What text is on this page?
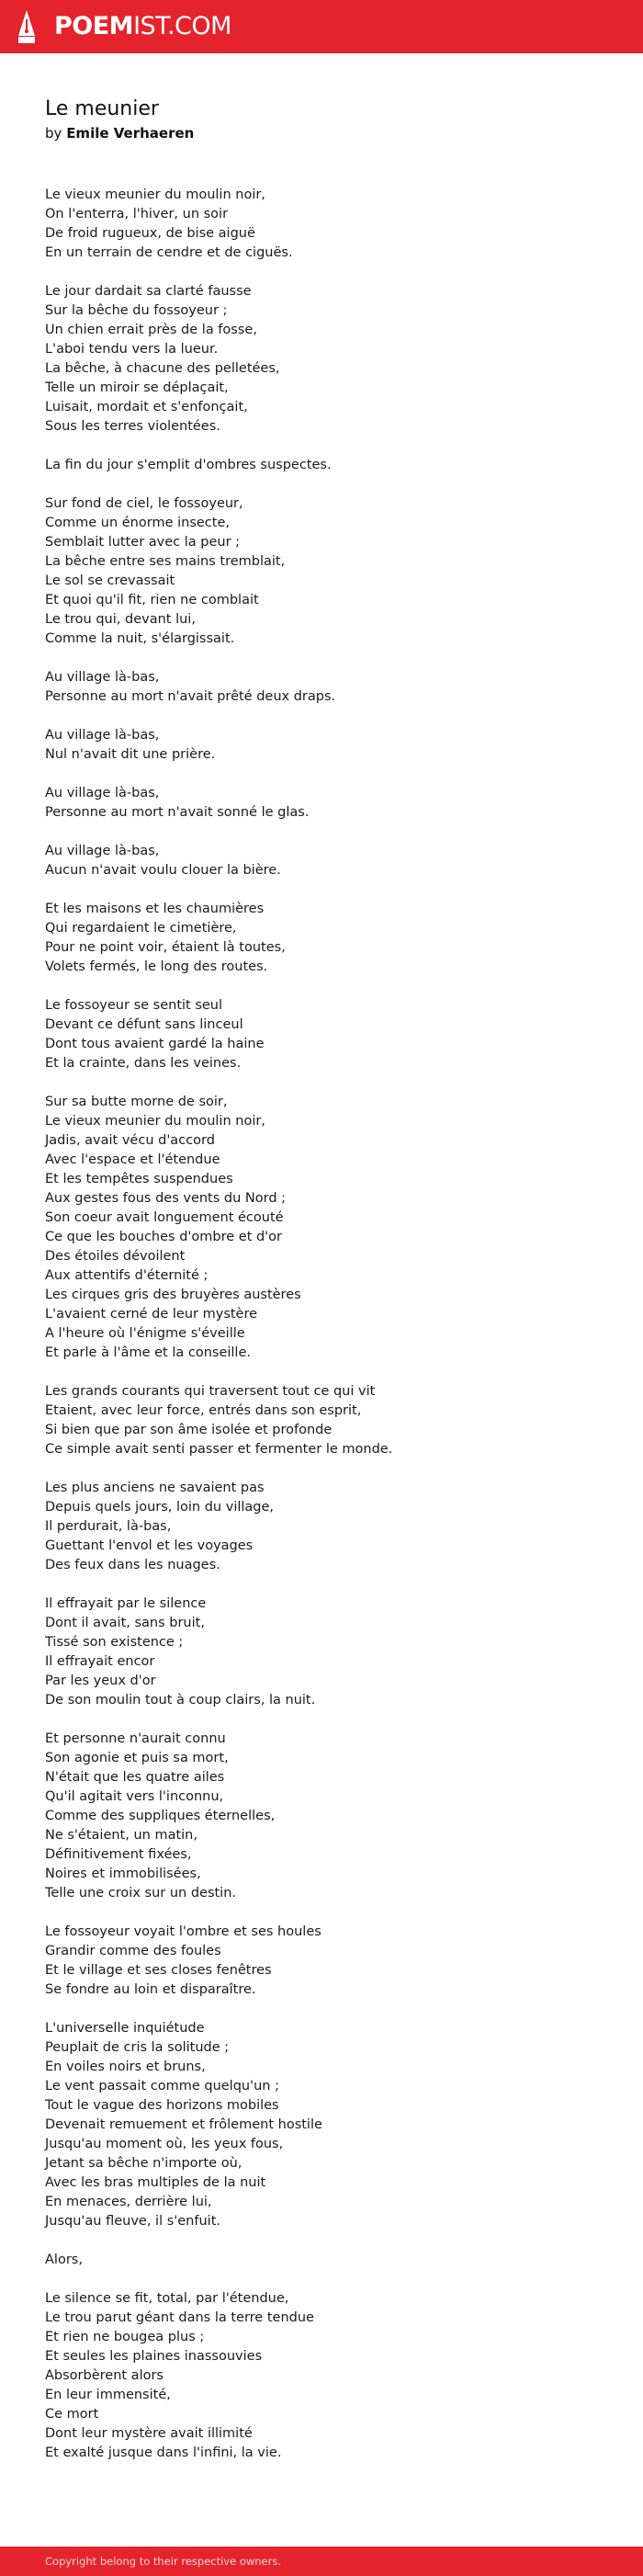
POEMIST.COM
Le meunier
by Emile Verhaeren
Le vieux meunier du moulin noir,
On l'enterra, l'hiver, un soir
De froid rugueux, de bise aiguë
En un terrain de cendre et de ciguës.
Le jour dardait sa clarté fausse
Sur la bêche du fossoyeur ;
Un chien errait près de la fosse,
L'aboi tendu vers la lueur.
La bêche, à chacune des pelletées,
Telle un miroir se déplaçait,
Luisait, mordait et s'enfonçait,
Sous les terres violentées.
La fin du jour s'emplit d'ombres suspectes.
Sur fond de ciel, le fossoyeur,
Comme un énorme insecte,
Semblait lutter avec la peur ;
La bêche entre ses mains tremblait,
Le sol se crevassait
Et quoi qu'il fit, rien ne comblait
Le trou qui, devant lui,
Comme la nuit, s'élargissait.
Au village là-bas,
Personne au mort n'avait prêté deux draps.
Au village là-bas,
Nul n'avait dit une prière.
Au village là-bas,
Personne au mort n'avait sonné le glas.
Au village là-bas,
Aucun n'avait voulu clouer la bière.
Et les maisons et les chaumières
Qui regardaient le cimetière,
Pour ne point voir, étaient là toutes,
Volets fermés, le long des routes.
Le fossoyeur se sentit seul
Devant ce défunt sans linceul
Dont tous avaient gardé la haine
Et la crainte, dans les veines.
Sur sa butte morne de soir,
Le vieux meunier du moulin noir,
Jadis, avait vécu d'accord
Avec l'espace et l'étendue
Et les tempêtes suspendues
Aux gestes fous des vents du Nord ;
Son coeur avait longuement écouté
Ce que les bouches d'ombre et d'or
Des étoiles dévoilent
Aux attentifs d'éternité ;
Les cirques gris des bruyères austères
L'avaient cerné de leur mystère
A l'heure où l'énigme s'éveille
Et parle à l'âme et la conseille.
Les grands courants qui traversent tout ce qui vit
Etaient, avec leur force, entrés dans son esprit,
Si bien que par son âme isolée et profonde
Ce simple avait senti passer et fermenter le monde.
Les plus anciens ne savaient pas
Depuis quels jours, loin du village,
Il perdurait, là-bas,
Guettant l'envol et les voyages
Des feux dans les nuages.
Il effrayait par le silence
Dont il avait, sans bruit,
Tissé son existence ;
Il effrayait encor
Par les yeux d'or
De son moulin tout à coup clairs, la nuit.
Et personne n'aurait connu
Son agonie et puis sa mort,
N'était que les quatre ailes
Qu'il agitait vers l'inconnu,
Comme des suppliques éternelles,
Ne s'étaient, un matin,
Définitivement fixées,
Noires et immobilisées,
Telle une croix sur un destin.
Le fossoyeur voyait l'ombre et ses houles
Grandir comme des foules
Et le village et ses closes fenêtres
Se fondre au loin et disparaître.
L'universelle inquiétude
Peuplait de cris la solitude ;
En voiles noirs et bruns,
Le vent passait comme quelqu'un ;
Tout le vague des horizons mobiles
Devenait remuement et frôlement hostile
Jusqu'au moment où, les yeux fous,
Jetant sa bêche n'importe où,
Avec les bras multiples de la nuit
En menaces, derrière lui,
Jusqu'au fleuve, il s'enfuit.
Alors,
Le silence se fit, total, par l'étendue,
Le trou parut géant dans la terre tendue
Et rien ne bougea plus ;
Et seules les plaines inassouvies
Absorbèrent alors
En leur immensité,
Ce mort
Dont leur mystère avait illimité
Et exalté jusque dans l'infini, la vie.
Copyright belong to their respective owners.
